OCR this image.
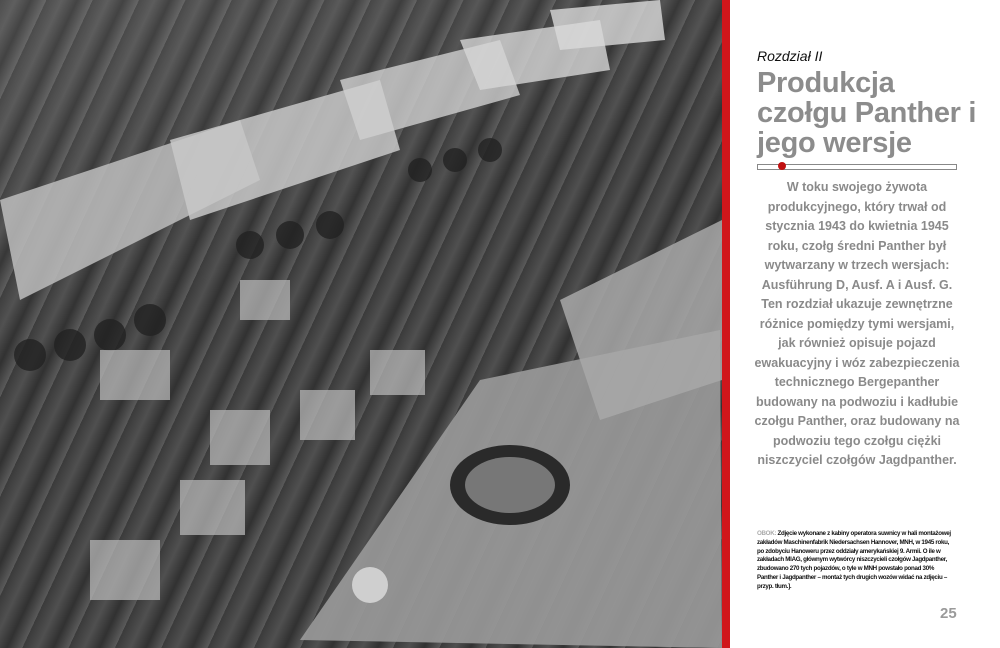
Rozdział II
Produkcja czołgu Panther i jego wersje
W toku swojego żywota produkcyjnego, który trwał od stycznia 1943 do kwietnia 1945 roku, czołg średni Panther był wytwarzany w trzech wersjach: Ausführung D, Ausf. A i Ausf. G. Ten rozdział ukazuje zewnętrzne różnice pomiędzy tymi wersjami, jak również opisuje pojazd ewakuacyjny i wóz zabezpieczenia technicznego Bergepanther budowany na podwoziu i kadłubie czołgu Panther, oraz budowany na podwoziu tego czołgu ciężki niszczyciel czołgów Jagdpanther.
OBOK: Zdjęcie wykonane z kabiny operatora suwnicy w hali montażowej zakładów Maschinenfabrik Niedersachsen Hannover, MNH, w 1945 roku, po zdobyciu Hanoweru przez oddziały amerykańskiej 9. Armii. O ile w zakładach MIAG, głównym wytwórcy niszczycieli czołgów Jagdpanther, zbudowano 270 tych pojazdów, o tyle w MNH powstało ponad 30% Panther i Jagdpanther – montaż tych drugich wozów widać na zdjęciu – przyp. tłum.].
25
